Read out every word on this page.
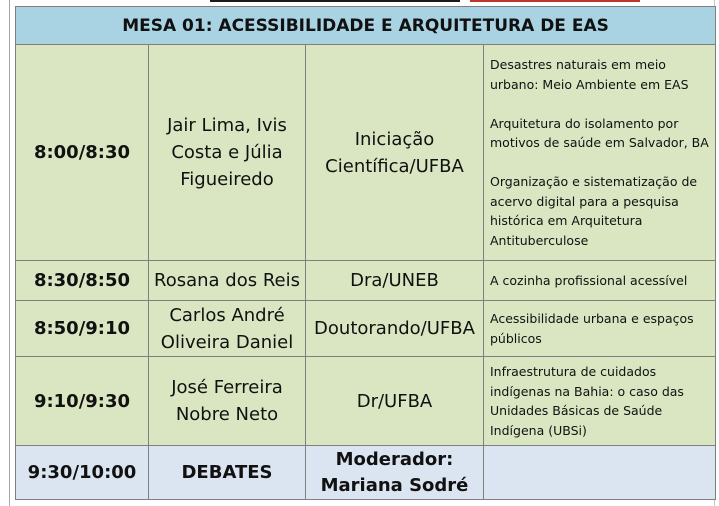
MESA 01: ACESSIBILIDADE E ARQUITETURA DE EAS			
8:00/8:30	Jair Lima, Ivis Costa e Júlia Figueiredo	Iniciação Científica/UFBA	Desastres naturais em meio urbano: Meio Ambiente em EAS

Arquitetura do isolamento por motivos de saúde em Salvador, BA

Organização e sistematização de acervo digital para a pesquisa histórica em Arquitetura Antituberculose

8:30/8:50	Rosana dos Reis	Dra/UNEB	A cozinha profissional acessível

8:50/9:10	Carlos André Oliveira Daniel	Doutorando/UFBA	Acessibilidade urbana e espaços públicos

9:10/9:30	José Ferreira Nobre Neto	Dr/UFBA	Infraestrutura de cuidados indígenas na Bahia: o caso das Unidades Básicas de Saúde Indígena (UBSi)

9:30/10:00	DEBATES	Moderador:
Mariana Sodré	
